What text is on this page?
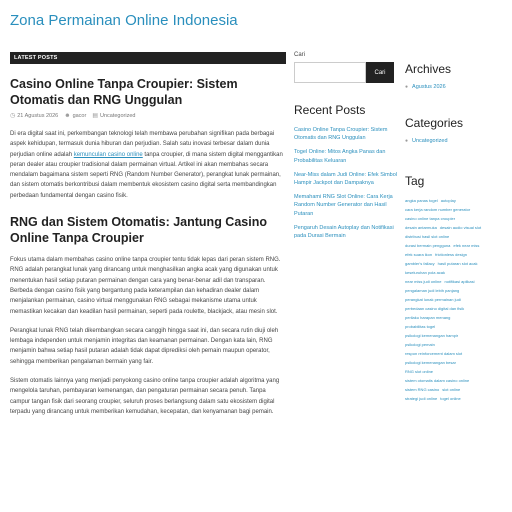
Zona Permainan Online Indonesia
LATEST POSTS
Casino Online Tanpa Croupier: Sistem Otomatis dan RNG Unggulan
◷ 21 Agustus 2026 ☻ gacor ▤ Uncategorized

Di era digital saat ini, perkembangan teknologi telah membawa perubahan signifikan pada berbagai aspek kehidupan, termasuk dunia hiburan dan perjudian. Salah satu inovasi terbesar dalam dunia perjudian online adalah kemunculan casino online tanpa croupier, di mana sistem digital menggantikan peran dealer atau croupier tradisional dalam permainan virtual. Artikel ini akan membahas secara mendalam bagaimana sistem seperti RNG (Random Number Generator), perangkat lunak permainan, dan sistem otomatis berkontribusi dalam membentuk ekosistem casino digital serta membandingkan perbedaan fundamental dengan casino fisik.

RNG dan Sistem Otomatis: Jantung Casino Online Tanpa Croupier

Fokus utama dalam membahas casino online tanpa croupier tentu tidak lepas dari peran sistem RNG. RNG adalah perangkat lunak yang dirancang untuk menghasilkan angka acak yang digunakan untuk menentukan hasil setiap putaran permainan dengan cara yang benar-benar adil dan transparan. Berbeda dengan casino fisik yang bergantung pada keterampilan dan kehadiran dealer dalam menjalankan permainan, casino virtual menggunakan RNG sebagai mekanisme utama untuk memastikan kecakan dan keadilan hasil permainan, seperti pada roulette, blackjack, atau mesin slot.

Perangkat lunak RNG telah dikembangkan secara canggih hingga saat ini, dan secara rutin diuji oleh lembaga independen untuk menjamin integritas dan keamanan permainan. Dengan kata lain, RNG menjamin bahwa setiap hasil putaran adalah tidak dapat diprediksi oleh pemain maupun operator, sehingga memberikan pengalaman bermain yang fair.

Sistem otomatis lainnya yang menjadi penyokong casino online tanpa croupier adalah algoritma yang mengelola taruhan, pembayaran kemenangan, dan pengaturan permainan secara penuh. Tanpa campur tangan fisik dari seorang croupier, seluruh proses berlangsung dalam satu ekosistem digital terpadu yang dirancang untuk memberikan kemudahan, kecepatan, dan kenyamanan bagi pemain.

Cari
Cari
Recent Posts
Casino Online Tanpa Croupier: Sistem Otomatis dan RNG Unggulan
Togel Online: Mitos Angka Panas dan Probabilitas Keluaran
Near-Miss dalam Judi Online: Efek Simbol Hampir Jackpot dan Dampaknya
Memahami RNG Slot Online: Cara Kerja Random Number Generator dan Hasil Putaran
Pengaruh Desain Autoplay dan Notifikasi pada Durasi Bermain
Archives
● Agustus 2026
Categories
● Uncategorized
Tag
angka panas togel autoplaycara kerja random number generatorcasino online tanpa croupierdesain antarmuka desain audio visual slotdistribusi hasil slot onlinedurasi bermain pengguna efek near missefek suara ikon frictionless designgambler's fallacy hasil putaran slot acakkeseluruhan pola acaknear miss judi online notifikasi aplikasipengalaman judi lebih panjangperangkat lunak permainan judiperbedaan casino digital dan fisikperilaku harapan menangprobabilitas togelpsikologi kemenangan hampirpsikologi pemainrespon reinforcement dalam slotpsikologi kemenangan besarRNG slot onlinesistem otomatis dalam casino onlinesistem RNG casino slot onlinestrategi judi online togel online
